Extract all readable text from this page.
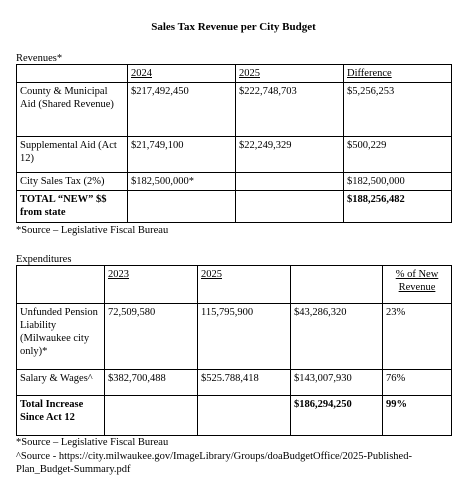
Sales Tax Revenue per City Budget
Revenues*
	2024	2025	Difference
County & Municipal Aid (Shared Revenue)	$217,492,450	$222,748,703	$5,256,253
Supplemental Aid (Act 12)	$21,749,100	$22,249,329	$500,229
City Sales Tax (2%)	$182,500,000*		$182,500,000
TOTAL “NEW” $$ from state			$188,256,482
*Source – Legislative Fiscal Bureau
Expenditures
	2023	2025		% of New Revenue
Unfunded Pension Liability (Milwaukee city only)*	72,509,580	115,795,900	$43,286,320	23%
Salary & Wages^	$382,700,488	$525.788,418	$143,007,930	76%
Total Increase Since Act 12			$186,294,250	99%
*Source – Legislative Fiscal Bureau
^Source - https://city.milwaukee.gov/ImageLibrary/Groups/doaBudgetOffice/2025-Published-Plan_Budget-Summary.pdf
